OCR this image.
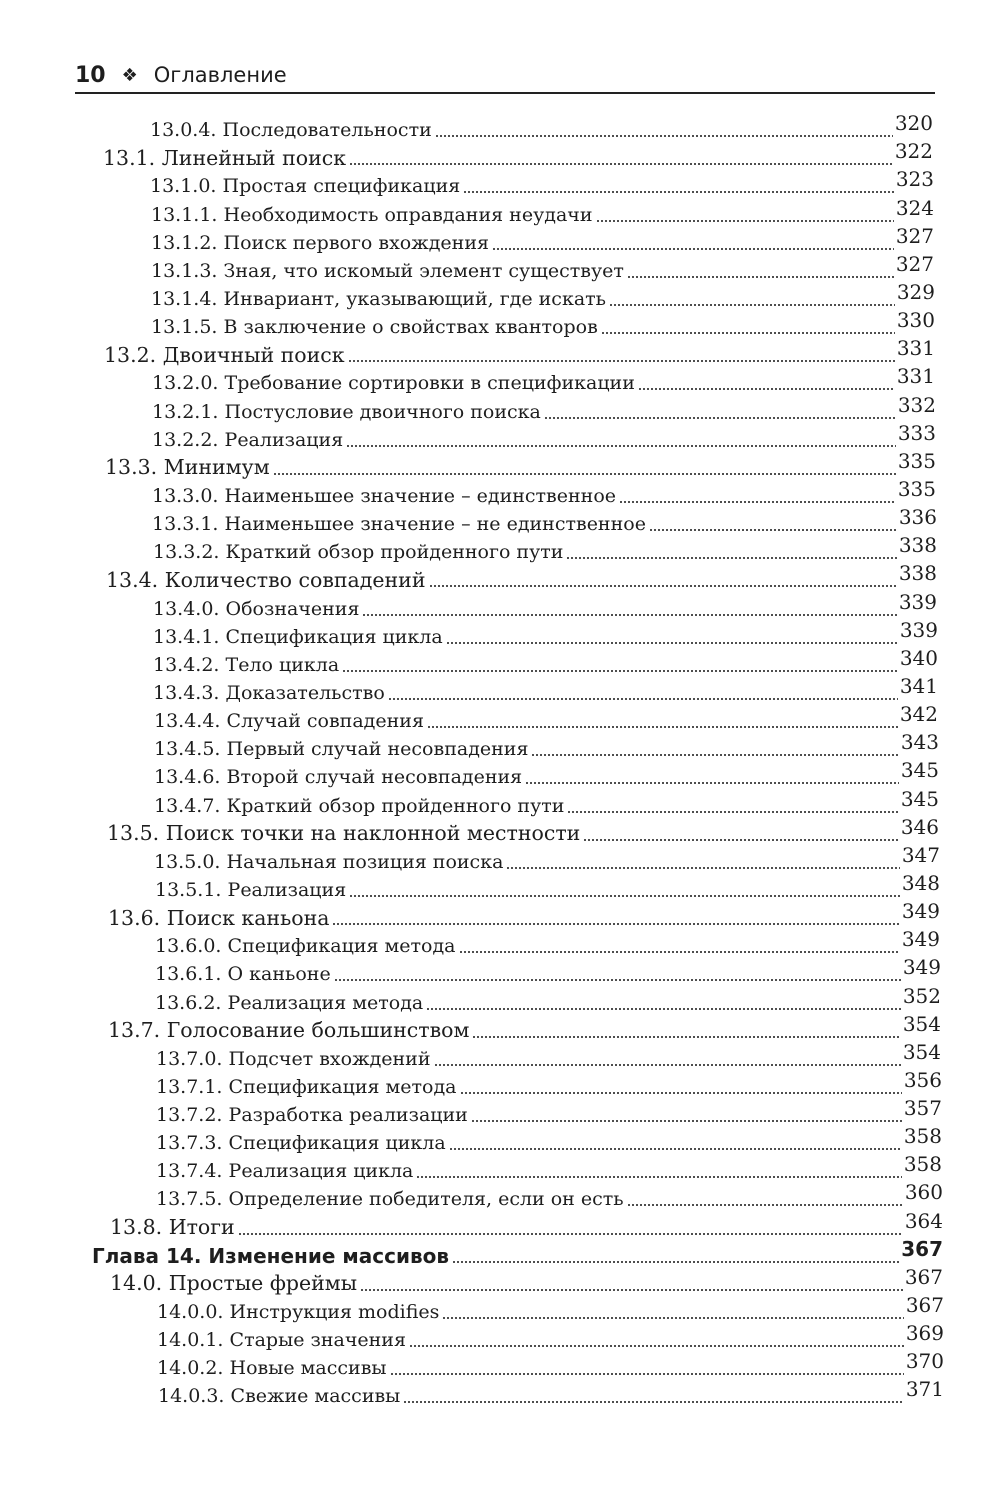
10 ❖ Оглавление
13.0.4. Последовательности	320
13.1. Линейный поиск	322
13.1.0. Простая спецификация	323
13.1.1. Необходимость оправдания неудачи	324
13.1.2. Поиск первого вхождения	327
13.1.3. Зная, что искомый элемент существует	327
13.1.4. Инвариант, указывающий, где искать	329
13.1.5. В заключение о свойствах кванторов	330
13.2. Двоичный поиск	331
13.2.0. Требование сортировки в спецификации	331
13.2.1. Постусловие двоичного поиска	332
13.2.2. Реализация	333
13.3. Минимум	335
13.3.0. Наименьшее значение – единственное	335
13.3.1. Наименьшее значение – не единственное	336
13.3.2. Краткий обзор пройденного пути	338
13.4. Количество совпадений	338
13.4.0. Обозначения	339
13.4.1. Спецификация цикла	339
13.4.2. Тело цикла	340
13.4.3. Доказательство	341
13.4.4. Случай совпадения	342
13.4.5. Первый случай несовпадения	343
13.4.6. Второй случай несовпадения	345
13.4.7. Краткий обзор пройденного пути	345
13.5. Поиск точки на наклонной местности	346
13.5.0. Начальная позиция поиска	347
13.5.1. Реализация	348
13.6. Поиск каньона	349
13.6.0. Спецификация метода	349
13.6.1. О каньоне	349
13.6.2. Реализация метода	352
13.7. Голосование большинством	354
13.7.0. Подсчет вхождений	354
13.7.1. Спецификация метода	356
13.7.2. Разработка реализации	357
13.7.3. Спецификация цикла	358
13.7.4. Реализация цикла	358
13.7.5. Определение победителя, если он есть	360
13.8. Итоги	364
Глава 14. Изменение массивов	367
14.0. Простые фреймы	367
14.0.0. Инструкция modifies	367
14.0.1. Старые значения	369
14.0.2. Новые массивы	370
14.0.3. Свежие массивы	371
